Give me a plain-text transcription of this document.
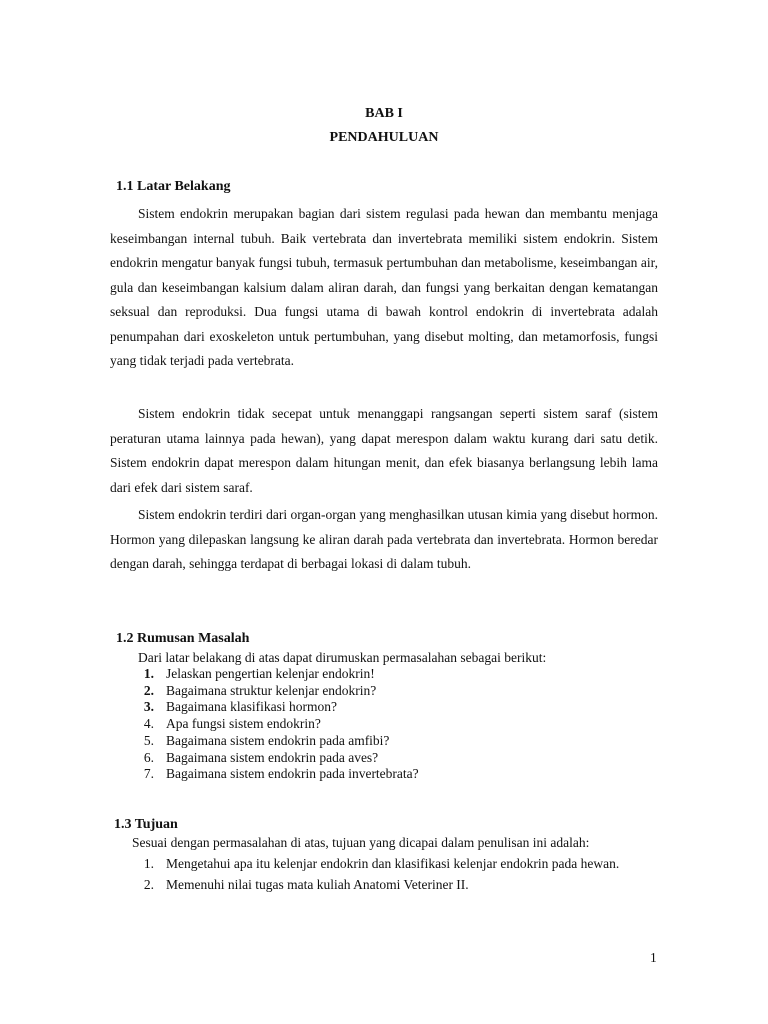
BAB I
PENDAHULUAN
1.1 Latar Belakang

Sistem endokrin merupakan bagian dari sistem regulasi pada hewan dan membantu menjaga keseimbangan internal tubuh. Baik vertebrata dan invertebrata memiliki sistem endokrin. Sistem endokrin mengatur banyak fungsi tubuh, termasuk pertumbuhan dan metabolisme, keseimbangan air, gula dan keseimbangan kalsium dalam aliran darah, dan fungsi yang berkaitan dengan kematangan seksual dan reproduksi. Dua fungsi utama di bawah kontrol endokrin di invertebrata adalah penumpahan dari exoskeleton untuk pertumbuhan, yang disebut molting, dan metamorfosis, fungsi yang tidak terjadi pada vertebrata.

Sistem endokrin tidak secepat untuk menanggapi rangsangan seperti sistem saraf (sistem peraturan utama lainnya pada hewan), yang dapat merespon dalam waktu kurang dari satu detik. Sistem endokrin dapat merespon dalam hitungan menit, dan efek biasanya berlangsung lebih lama dari efek dari sistem saraf.

Sistem endokrin terdiri dari organ-organ yang menghasilkan utusan kimia yang disebut hormon. Hormon yang dilepaskan langsung ke aliran darah pada vertebrata dan invertebrata. Hormon beredar dengan darah, sehingga terdapat di berbagai lokasi di dalam tubuh.

1.2 Rumusan Masalah
Dari latar belakang di atas dapat dirumuskan permasalahan sebagai berikut:
1. Jelaskan pengertian kelenjar endokrin!
2. Bagaimana struktur kelenjar endokrin?
3. Bagaimana klasifikasi hormon?
4. Apa fungsi sistem endokrin?
5. Bagaimana sistem endokrin pada amfibi?
6. Bagaimana sistem endokrin pada aves?
7. Bagaimana sistem endokrin pada invertebrata?
1.3 Tujuan
Sesuai dengan permasalahan di atas, tujuan yang dicapai dalam penulisan ini adalah:
1. Mengetahui apa itu kelenjar endokrin dan klasifikasi kelenjar endokrin pada hewan.
2. Memenuhi nilai tugas mata kuliah Anatomi Veteriner II.
1
